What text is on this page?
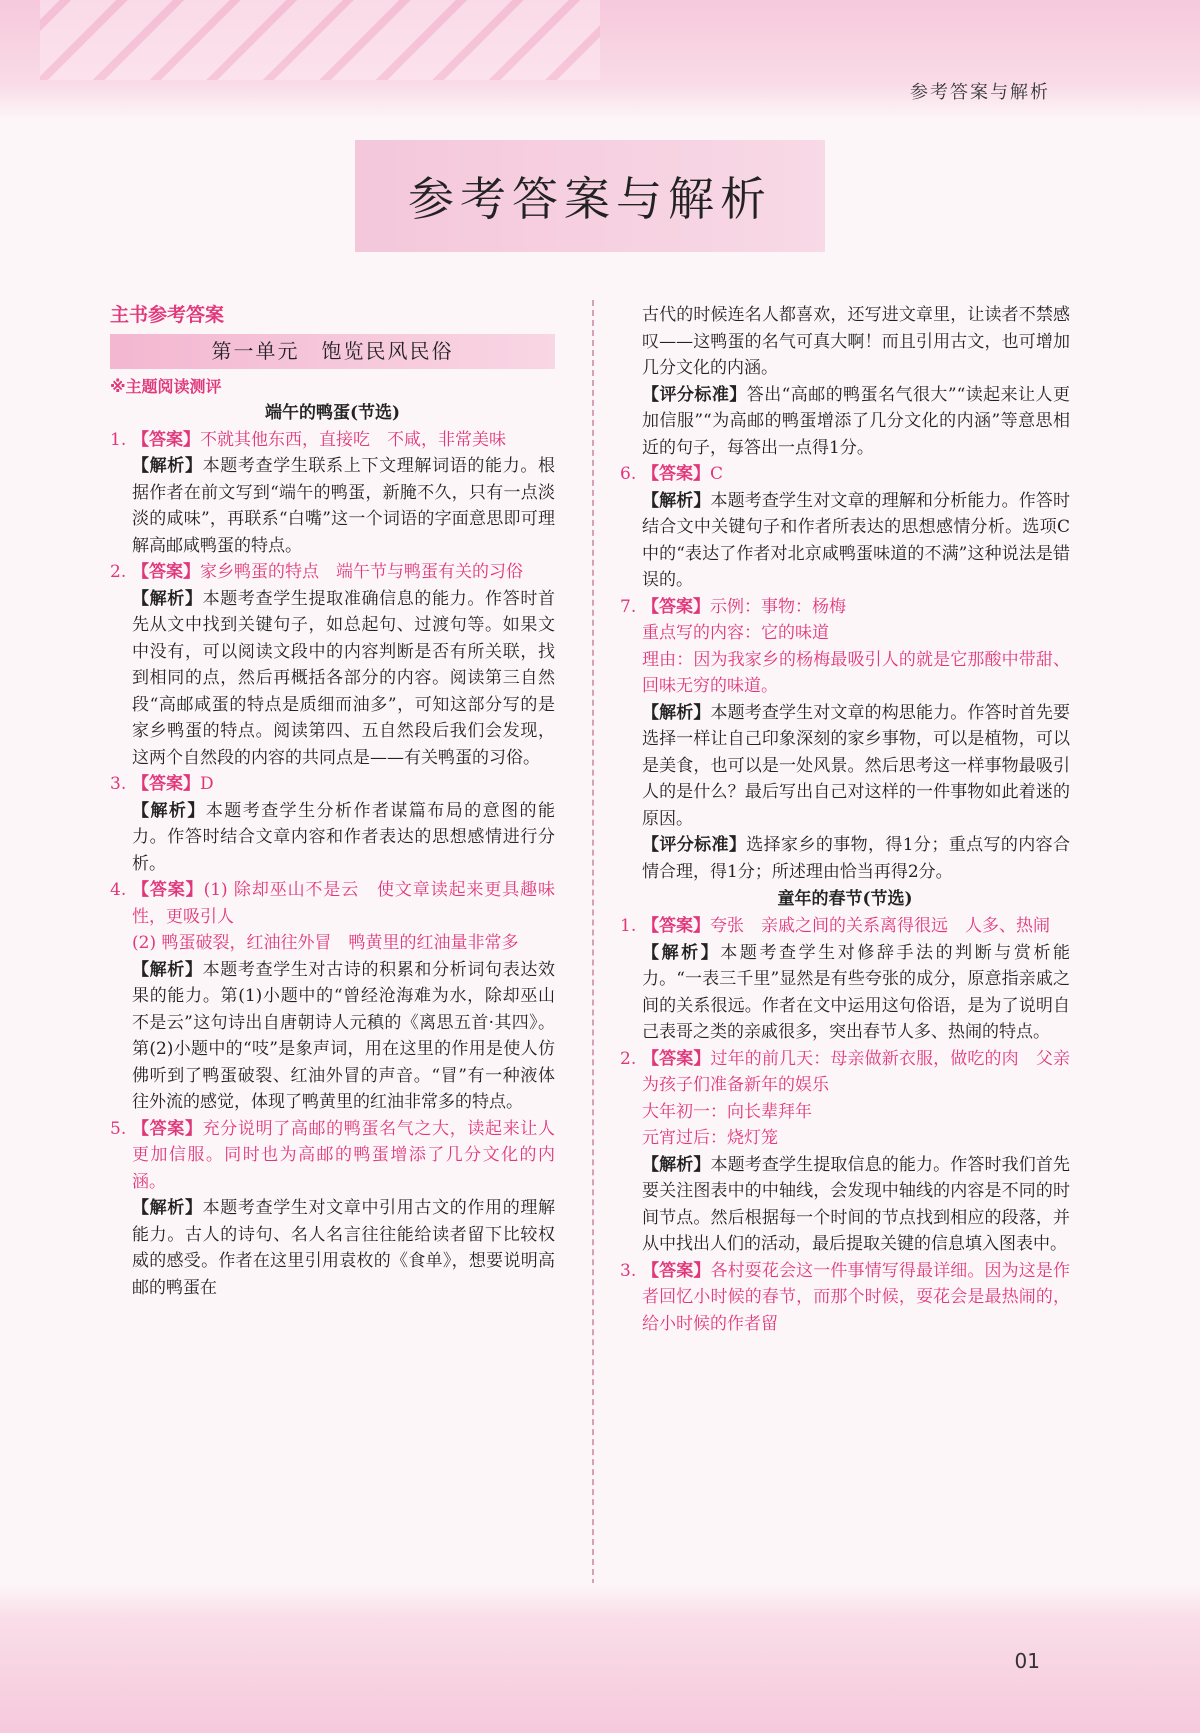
参考答案与解析
参考答案与解析
主书参考答案
第一单元　饱览民风民俗
※主题阅读测评
端午的鸭蛋(节选)
1. 【答案】不就其他东西，直接吃　不咸，非常美味
【解析】本题考查学生联系上下文理解词语的能力。根据作者在前文写到“端午的鸭蛋，新腌不久，只有一点淡淡的咸味”，再联系“白嘴”这一个词语的字面意思即可理解高邮咸鸭蛋的特点。
2. 【答案】家乡鸭蛋的特点　端午节与鸭蛋有关的习俗
【解析】本题考查学生提取准确信息的能力。作答时首先从文中找到关键句子，如总起句、过渡句等。如果文中没有，可以阅读文段中的内容判断是否有所关联，找到相同的点，然后再概括各部分的内容。阅读第三自然段“高邮咸蛋的特点是质细而油多”，可知这部分写的是家乡鸭蛋的特点。阅读第四、五自然段后我们会发现，这两个自然段的内容的共同点是——有关鸭蛋的习俗。
3. 【答案】D
【解析】本题考查学生分析作者谋篇布局的意图的能力。作答时结合文章内容和作者表达的思想感情进行分析。
4. 【答案】(1) 除却巫山不是云　使文章读起来更具趣味性，更吸引人
(2) 鸭蛋破裂，红油往外冒　鸭黄里的红油量非常多
【解析】本题考查学生对古诗的积累和分析词句表达效果的能力。第(1)小题中的“曾经沧海难为水，除却巫山不是云”这句诗出自唐朝诗人元稹的《离思五首·其四》。第(2)小题中的“吱”是象声词，用在这里的作用是使人仿佛听到了鸭蛋破裂、红油外冒的声音。“冒”有一种液体往外流的感觉，体现了鸭黄里的红油非常多的特点。
5. 【答案】充分说明了高邮的鸭蛋名气之大，读起来让人更加信服。同时也为高邮的鸭蛋增添了几分文化的内涵。
【解析】本题考查学生对文章中引用古文的作用的理解能力。古人的诗句、名人名言往往能给读者留下比较权威的感受。作者在这里引用袁枚的《食单》，想要说明高邮的鸭蛋在
古代的时候连名人都喜欢，还写进文章里，让读者不禁感叹——这鸭蛋的名气可真大啊！而且引用古文，也可增加几分文化的内涵。
【评分标准】答出“高邮的鸭蛋名气很大”“读起来让人更加信服”“为高邮的鸭蛋增添了几分文化的内涵”等意思相近的句子，每答出一点得1分。
6. 【答案】C
【解析】本题考查学生对文章的理解和分析能力。作答时结合文中关键句子和作者所表达的思想感情分析。选项C中的“表达了作者对北京咸鸭蛋味道的不满”这种说法是错误的。
7. 【答案】示例：事物：杨梅
重点写的内容：它的味道
理由：因为我家乡的杨梅最吸引人的就是它那酸中带甜、回味无穷的味道。
【解析】本题考查学生对文章的构思能力。作答时首先要选择一样让自己印象深刻的家乡事物，可以是植物，可以是美食，也可以是一处风景。然后思考这一样事物最吸引人的是什么？最后写出自己对这样的一件事物如此着迷的原因。
【评分标准】选择家乡的事物，得1分；重点写的内容合情合理，得1分；所述理由恰当再得2分。
童年的春节(节选)
1. 【答案】夸张　亲戚之间的关系离得很远　人多、热闹
【解析】本题考查学生对修辞手法的判断与赏析能力。“一表三千里”显然是有些夸张的成分，原意指亲戚之间的关系很远。作者在文中运用这句俗语，是为了说明自己表哥之类的亲戚很多，突出春节人多、热闹的特点。
2. 【答案】过年的前几天：母亲做新衣服，做吃的肉　父亲为孩子们准备新年的娱乐
大年初一：向长辈拜年
元宵过后：烧灯笼
【解析】本题考查学生提取信息的能力。作答时我们首先要关注图表中的中轴线，会发现中轴线的内容是不同的时间节点。然后根据每一个时间的节点找到相应的段落，并从中找出人们的活动，最后提取关键的信息填入图表中。
3. 【答案】各村耍花会这一件事情写得最详细。因为这是作者回忆小时候的春节，而那个时候，耍花会是最热闹的，给小时候的作者留
01
